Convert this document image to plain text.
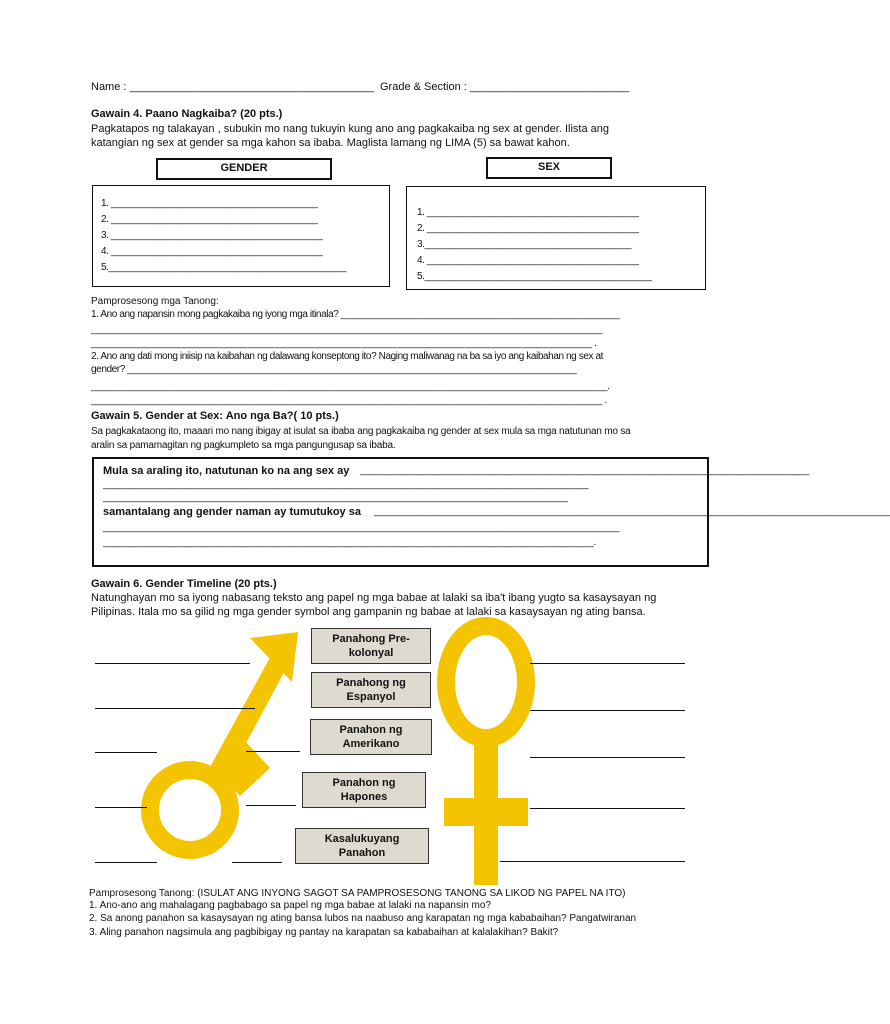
Name : ________________________________________ Grade & Section : __________________________
Gawain 4. Paano Nagkaiba? (20 pts.)
Pagkatapos ng talakayan , subukin mo nang tukuyin kung ano ang pagkakaiba ng sex at gender. Ilista ang
katangian ng sex at gender sa mga kahon sa ibaba. Maglista lamang ng LIMA (5) sa bawat kahon.
GENDER	SEX
1. ________________________________________
2. ________________________________________
3. _________________________________________
4. _________________________________________
5.______________________________________________
1. _________________________________________
2. _________________________________________
3.________________________________________
4. _________________________________________
5.____________________________________________
Pamprosesong mga Tanong:
1. Ano ang napansin mong pagkakaiba ng iyong mga itinala? ______________________________________________________
___________________________________________________________________________________________________
_________________________________________________________________________________________________ .
2. Ano ang dati mong iniisip na kaibahan ng dalawang konseptong ito? Naging maliwanag na ba sa iyo ang kaibahan ng sex at
gender? _______________________________________________________________________________________
____________________________________________________________________________________________________.
___________________________________________________________________________________________________ .
Gawain 5. Gender at Sex: Ano nga Ba?( 10 pts.)
Sa pagkakataong ito, maaari mo nang ibigay at isulat sa ibaba ang pagkakaiba ng gender at sex mula sa mga natutunan mo sa
aralin sa pamamagitan ng pagkumpleto sa mga pangungusap sa ibaba.
Mula sa araling ito, natutunan ko na ang sex ay _______________________________________________________________________________________
______________________________________________________________________________________________
__________________________________________________________________________________________
samantalang ang gender naman ay tumutukoy sa ____________________________________________________________________________________________________
____________________________________________________________________________________________________
_______________________________________________________________________________________________.
Gawain 6. Gender Timeline (20 pts.)
Natunghayan mo sa iyong nabasang teksto ang papel ng mga babae at lalaki sa iba't ibang yugto sa kasaysayan ng
Pilipinas. Itala mo sa gilid ng mga gender symbol ang gampanin ng babae at lalaki sa kasaysayan ng ating bansa.
Panahong Pre-
kolonyal
Panahong ng
Espanyol
Panahon ng
Amerikano
Panahon ng
Hapones
Kasalukuyang
Panahon
Pamprosesong Tanong: (ISULAT ANG INYONG SAGOT SA PAMPROSESONG TANONG SA LIKOD NG PAPEL NA ITO)
1. Ano-ano ang mahalagang pagbabago sa papel ng mga babae at lalaki na napansin mo?
2. Sa anong panahon sa kasaysayan ng ating bansa lubos na naabuso ang karapatan ng mga kababaihan? Pangatwiranan
3. Aling panahon nagsimula ang pagbibigay ng pantay na karapatan sa kababaihan at kalalakihan? Bakit?
